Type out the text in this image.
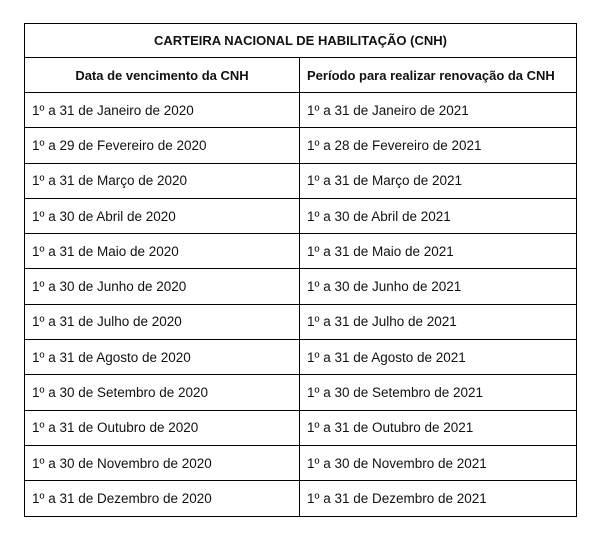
CARTEIRA NACIONAL DE HABILITAÇÃO (CNH)	
Data de vencimento da CNH	Período para realizar renovação da CNH
1º a 31 de Janeiro de 2020	1º a 31 de Janeiro de 2021
1º a 29 de Fevereiro de 2020	1º a 28 de Fevereiro de 2021
1º a 31 de Março de 2020	1º a 31 de Março de 2021
1º a 30 de Abril de 2020	1º a 30 de Abril de 2021
1º a 31 de Maio de 2020	1º a 31 de Maio de 2021
1º a 30 de Junho de 2020	1º a 30 de Junho de 2021
1º a 31 de Julho de 2020	1º a 31 de Julho de 2021
1º a 31 de Agosto de 2020	1º a 31 de Agosto de 2021
1º a 30 de Setembro de 2020	1º a 30 de Setembro de 2021
1º a 31 de Outubro de 2020	1º a 31 de Outubro de 2021
1º a 30 de Novembro de 2020	1º a 30 de Novembro de 2021
1º a 31 de Dezembro de 2020	1º a 31 de Dezembro de 2021
